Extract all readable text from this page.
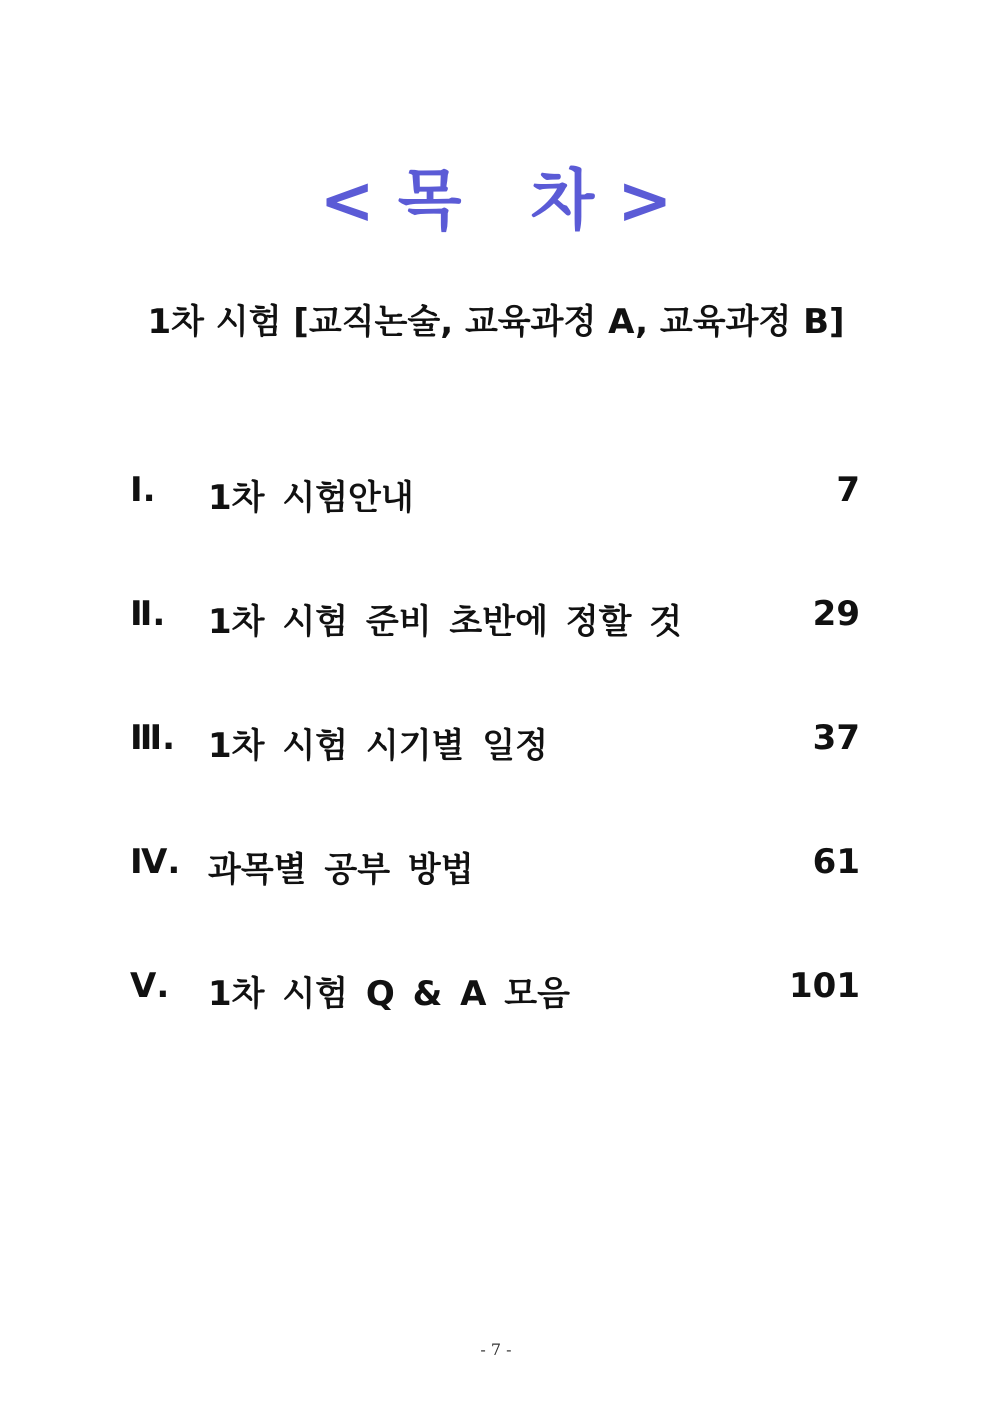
< 목   차 >
1차 시험 [교직논술, 교육과정 A, 교육과정 B]
Ⅰ.	1차 시험안내	7
Ⅱ.	1차 시험 준비 초반에 정할 것	29
Ⅲ. 1차 시험 시기별 일정	37
Ⅳ. 과목별 공부 방법	61
Ⅴ.	1차 시험 Q & A 모음	101
- 7 -
